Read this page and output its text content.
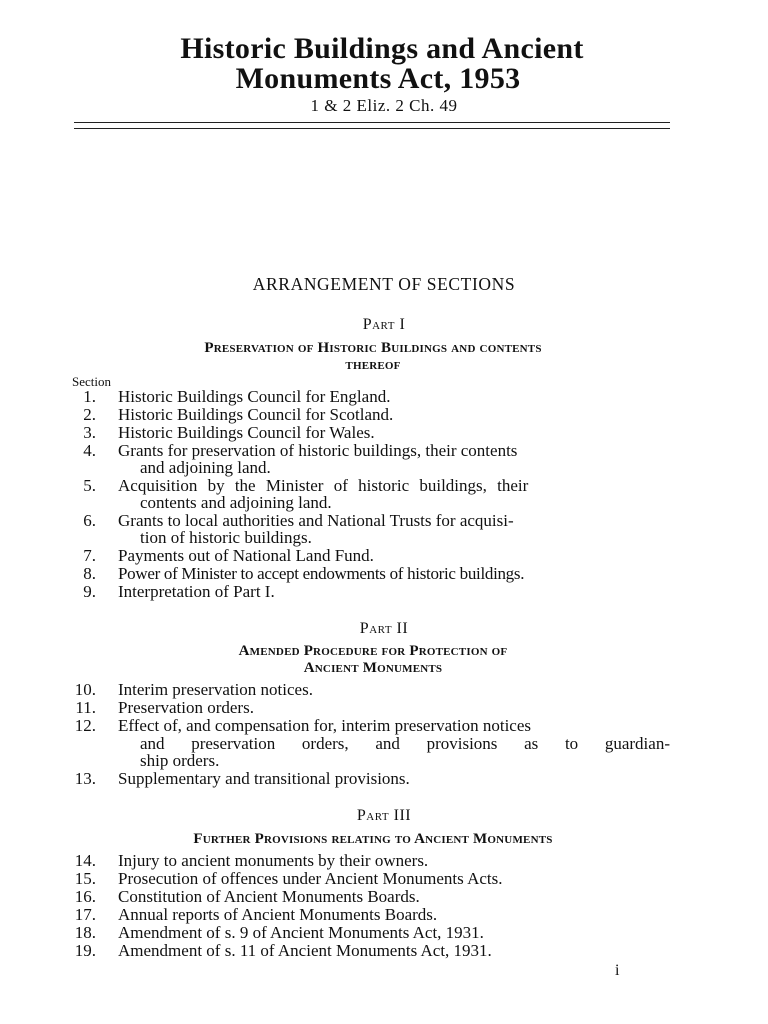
Historic Buildings and Ancient
Monuments Act, 1953
1 & 2 Eliz. 2 Ch. 49
ARRANGEMENT OF SECTIONS
Part I
Preservation of Historic Buildings and contents
thereof
Section
1. Historic Buildings Council for England.
2. Historic Buildings Council for Scotland.
3. Historic Buildings Council for Wales.
4. Grants for preservation of historic buildings, their contents
and adjoining land.
5. Acquisition by the Minister of historic buildings, their
contents and adjoining land.
6. Grants to local authorities and National Trusts for acquisi-
tion of historic buildings.
7. Payments out of National Land Fund.
8. Power of Minister to accept endowments of historic buildings.
9. Interpretation of Part I.
Part II
Amended Procedure for Protection of
Ancient Monuments
10. Interim preservation notices.
11. Preservation orders.
12. Effect of, and compensation for, interim preservation notices
and preservation orders, and provisions as to guardian-
ship orders.
13. Supplementary and transitional provisions.
Part III
Further Provisions relating to Ancient Monuments
14. Injury to ancient monuments by their owners.
15. Prosecution of offences under Ancient Monuments Acts.
16. Constitution of Ancient Monuments Boards.
17. Annual reports of Ancient Monuments Boards.
18. Amendment of s. 9 of Ancient Monuments Act, 1931.
19. Amendment of s. 11 of Ancient Monuments Act, 1931.
i
